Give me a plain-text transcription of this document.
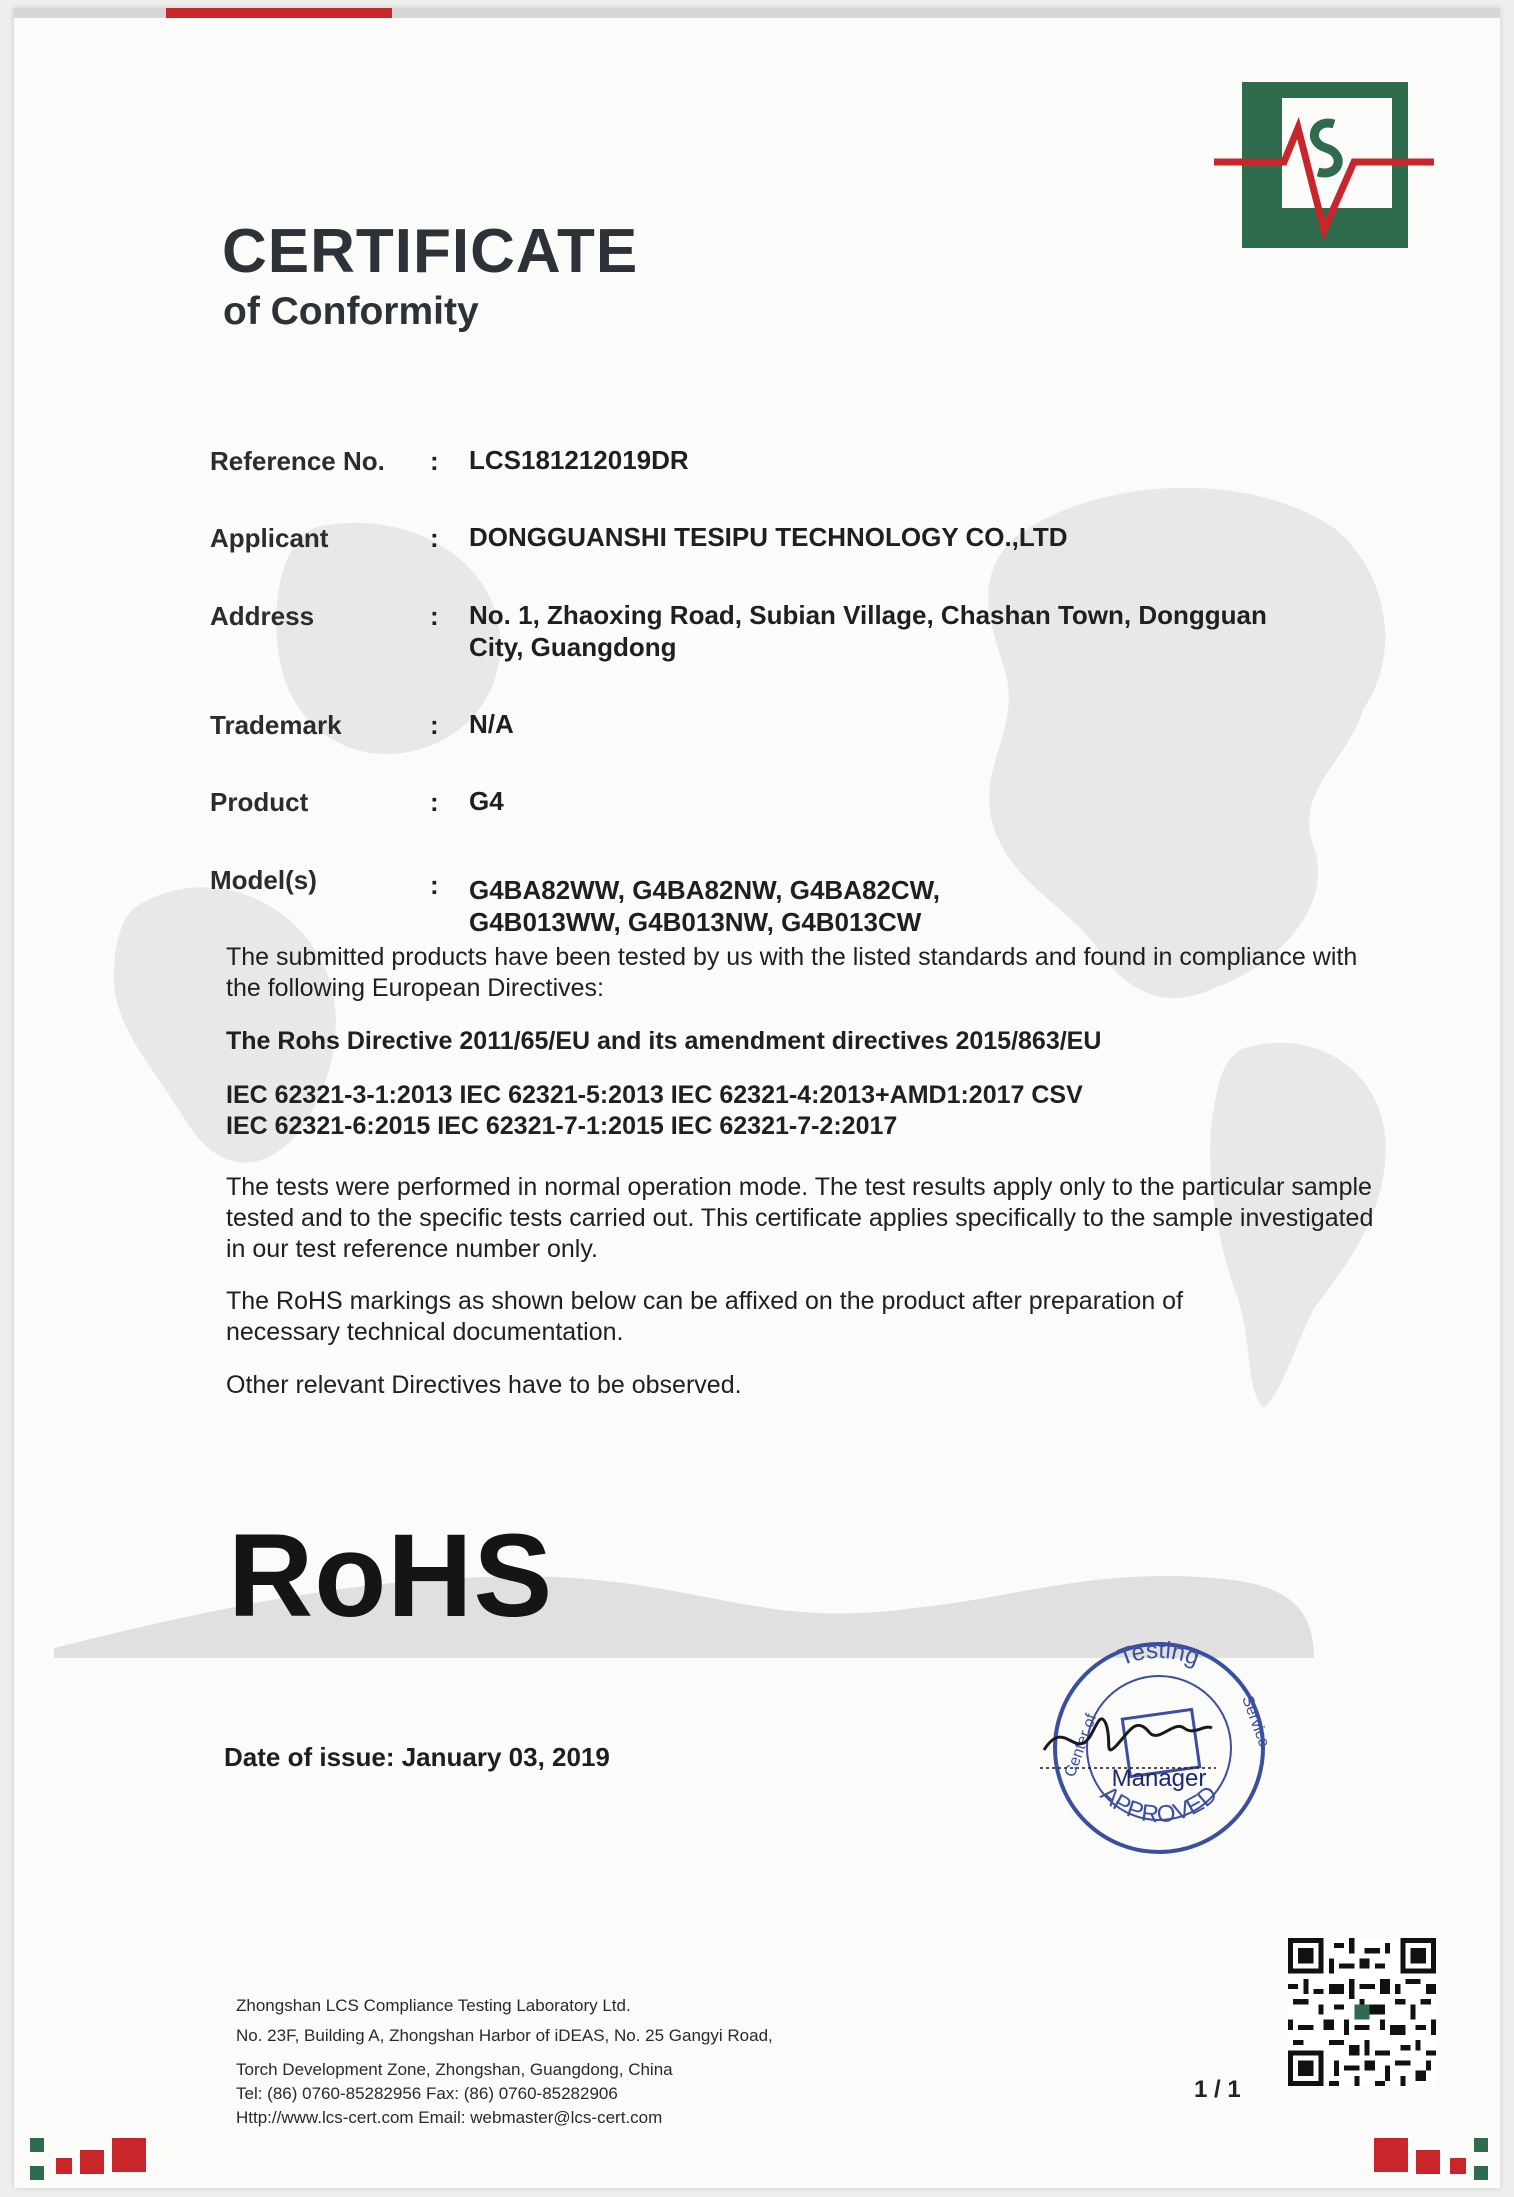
CERTIFICATE
of Conformity
Reference No. : LCS181212019DR
Applicant	: DONGGUANSHI TESIPU TECHNOLOGY CO.,LTD
Address	: No. 1, Zhaoxing Road, Subian Village, Chashan Town, Dongguan City, Guangdong
Trademark	: N/A
Product	: G4
Model(s)	: G4BA82WW, G4BA82NW, G4BA82CW, G4B013WW, G4B013NW, G4B013CW
The submitted products have been tested by us with the listed standards and found in compliance with the following European Directives:
The Rohs Directive 2011/65/EU and its amendment directives 2015/863/EU
IEC 62321-3-1:2013 IEC 62321-5:2013 IEC 62321-4:2013+AMD1:2017 CSV
IEC 62321-6:2015 IEC 62321-7-1:2015 IEC 62321-7-2:2017
The tests were performed in normal operation mode. The test results apply only to the particular sample tested and to the specific tests carried out. This certificate applies specifically to the sample investigated in our test reference number only.
The RoHS markings as shown below can be affixed on the product after preparation of necessary technical documentation.
Other relevant Directives have to be observed.
RoHS
Date of issue: January 03, 2019
Testing
APPROVED
Center of	Service
Manager
Zhongshan LCS Compliance Testing Laboratory Ltd.
No. 23F, Building A, Zhongshan Harbor of iDEAS, No. 25 Gangyi Road,
Torch Development Zone, Zhongshan, Guangdong, China
Tel: (86) 0760-85282956 Fax: (86) 0760-85282906
Http://www.lcs-cert.com Email: webmaster@lcs-cert.com
1 / 1
